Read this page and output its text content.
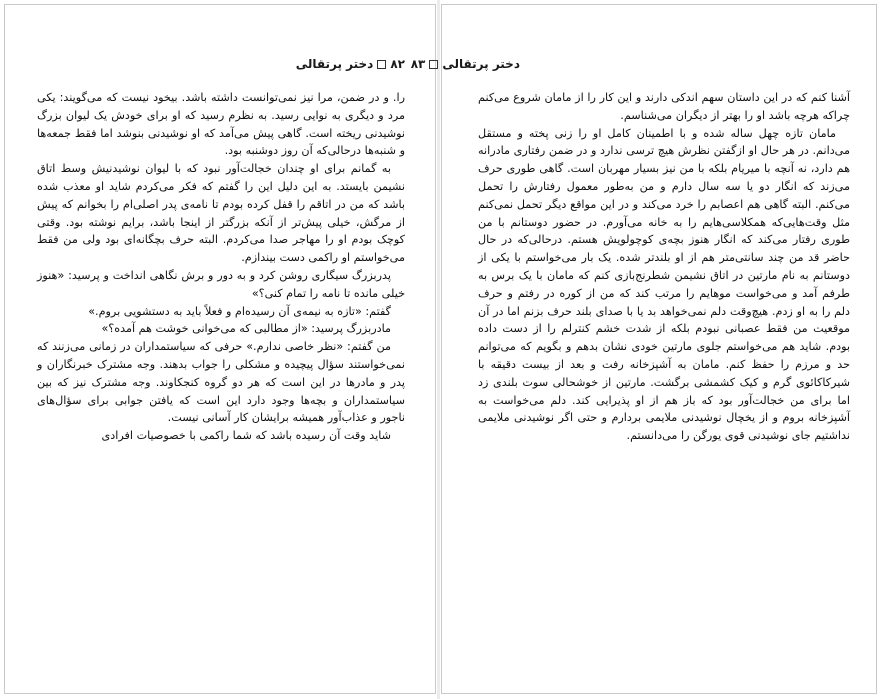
۸۲دختر پرتقالی

را. و در ضمن، مرا نیز نمی‌توانست داشته باشد. بیخود نیست که می‌گویند: یکی مرد و دیگری به نوایی رسید. به نظرم رسید که او برای خودش یک لیوان بزرگ نوشیدنی ریخته است. گاهی پیش می‌آمد که او نوشیدنی بنوشد اما فقط جمعه‌ها و شنبه‌ها درحالی‌که آن روز دوشنبه بود.

به گمانم برای او چندان خجالت‌آور نبود که با لیوان نوشیدنیش وسط اتاق نشیمن بایستد. به این دلیل این را گفتم که فکر می‌کردم شاید او معذب شده باشد که من در اتاقم را قفل کرده بودم تا نامه‌ی پدر اصلی‌ام را بخوانم که پیش از مرگش، خیلی پیش‌تر از آنکه بزرگتر از اینجا باشد، برایم نوشته بود. وقتی کوچک بودم او را مهاجر صدا می‌کردم. البته حرف بچگانه‌ای بود ولی من فقط می‌خواستم او راکمی دست بیندازم.

پدربزرگ سیگاری روشن کرد و به دور و برش نگاهی انداخت و پرسید: «هنوز خیلی مانده تا نامه را تمام کنی؟»

گفتم: «تازه به نیمه‌ی آن رسیده‌ام و فعلاً باید به دستشویی بروم.»

مادربزرگ پرسید: «از مطالبی که می‌خوانی خوشت هم آمده؟»

من گفتم: «نظر خاصی ندارم.» حرفی که سیاستمداران در زمانی می‌زنند که نمی‌خواستند سؤال پیچیده و مشکلی را جواب بدهند. وجه مشترک خبرنگاران و پدر و مادرها در این است که هر دو گروه کنجکاوند. وجه مشترک نیز که بین سیاستمداران و بچه‌ها وجود دارد این است که یافتن جوابی برای سؤال‌های ناجور و عذاب‌آور همیشه برایشان کار آسانی نیست.

شاید وقت آن رسیده باشد که شما راکمی با خصوصیات افرادی

دختر پرتقالی۸۳

آشنا کنم که در این داستان سهم اندکی دارند و این کار را از مامان شروع می‌کنم چراکه هرچه باشد او را بهتر از دیگران می‌شناسم.

مامان تازه چهل ساله شده و با اطمینان کامل او را زنی پخته و مستقل می‌دانم. در هر حال او ازگفتن نظرش هیچ ترسی ندارد و در ضمن رفتاری مادرانه هم دارد، نه آنچه با میریام بلکه با من نیز بسیار مهربان است. گاهی طوری حرف می‌زند که انگار دو یا سه سال دارم و من به‌طور معمول رفتارش را تحمل می‌کنم. البته گاهی هم اعصابم را خرد می‌کند و در این مواقع دیگر تحمل نمی‌کنم مثل وقت‌هایی‌که همکلاسی‌هایم را به خانه می‌آورم. در حضور دوستانم با من طوری رفتار می‌کند که انگار هنوز بچه‌ی کوچولویش هستم. درحالی‌که در حال حاضر قد من چند سانتی‌متر هم از او بلندتر شده. یک بار می‌خواستم با یکی از دوستانم به نام مارتین در اتاق نشیمن شطرنج‌بازی کنم که مامان با یک برس به طرفم آمد و می‌خواست موهایم را مرتب کند که من از کوره در رفتم و حرف دلم را به او زدم. هیچ‌وقت دلم نمی‌خواهد بد یا با صدای بلند حرف بزنم اما در آن موقعیت من فقط عصبانی نبودم بلکه از شدت خشم کنترلم را از دست داده بودم. شاید هم می‌خواستم جلوی مارتین خودی نشان بدهم و بگویم که می‌توانم حد و مرزم را حفظ کنم. مامان به آشپزخانه رفت و بعد از بیست دقیقه با شیرکاکائوی گرم و کیک کشمشی برگشت. مارتین از خوشحالی سوت بلندی زد اما برای من خجالت‌آور بود که باز هم از او پذیرایی کند. دلم می‌خواست به آشپزخانه بروم و از یخچال نوشیدنی ملایمی بردارم و حتی اگر نوشیدنی ملایمی نداشتیم جای نوشیدنی قوی یورگن را می‌دانستم.
